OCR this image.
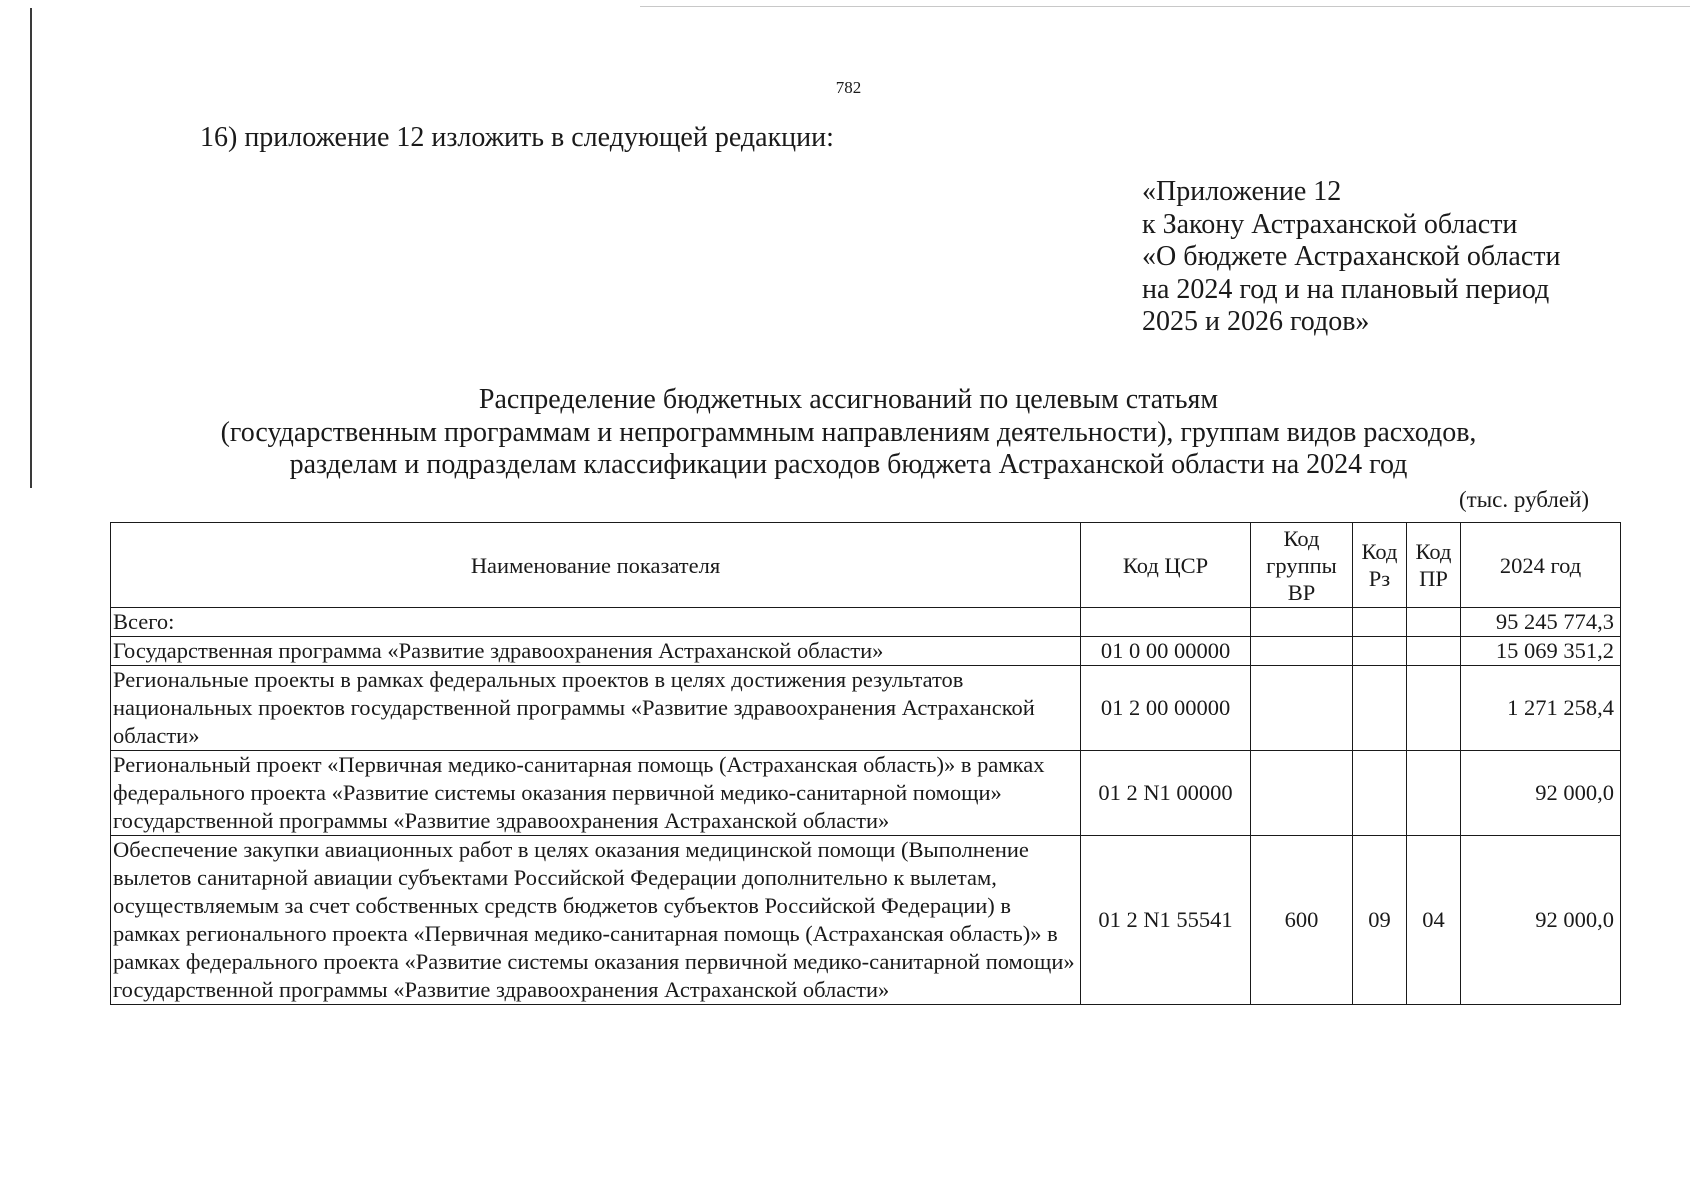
782
16) приложение 12 изложить в следующей редакции:
«Приложение 12
к Закону Астраханской области
«О бюджете Астраханской области
на 2024 год и на плановый период
2025 и 2026 годов»
Распределение бюджетных ассигнований по целевым статьям
(государственным программам и непрограммным направлениям деятельности), группам видов расходов,
разделам и подразделам классификации расходов бюджета Астраханской области на 2024 год
(тыс. рублей)
Наименование показателя	Код ЦСР	Код группы ВР	Код Рз	Код ПР	2024 год
Всего:					95 245 774,3
Государственная программа «Развитие здравоохранения Астраханской области»	01 0 00 00000				15 069 351,2
Региональные проекты в рамках федеральных проектов в целях достижения результатов национальных проектов государственной программы «Развитие здравоохранения Астраханской области»	01 2 00 00000				1 271 258,4
Региональный проект «Первичная медико-санитарная помощь (Астраханская область)» в рамках федерального проекта «Развитие системы оказания первичной медико-санитарной помощи» государственной программы «Развитие здравоохранения Астраханской области»	01 2 N1 00000				92 000,0
Обеспечение закупки авиационных работ в целях оказания медицинской помощи (Выполнение вылетов санитарной авиации субъектами Российской Федерации дополнительно к вылетам, осуществляемым за счет собственных средств бюджетов субъектов Российской Федерации) в рамках регионального проекта «Первичная медико-санитарная помощь (Астраханская область)» в рамках федерального проекта «Развитие системы оказания первичной медико-санитарной помощи» государственной программы «Развитие здравоохранения Астраханской области»	01 2 N1 55541	600	09	04	92 000,0
